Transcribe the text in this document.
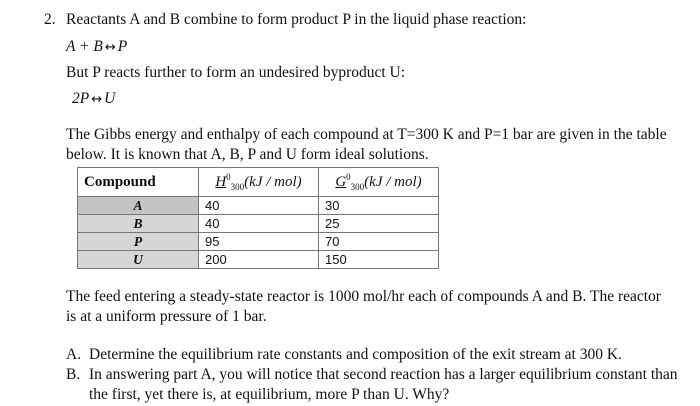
2. Reactants A and B combine to form product P in the liquid phase reaction:
A + B ↔ P
But P reacts further to form an undesired byproduct U:
2P ↔ U
The Gibbs energy and enthalpy of each compound at T=300 K and P=1 bar are given in the table
below. It is known that A, B, P and U form ideal solutions.
Compound	$H^0_{300}(kJ / mol)$	$G^0_{300}(kJ / mol)$
A	40	30
B	40	25
P	95	70
U	200	150
The feed entering a steady-state reactor is 1000 mol/hr each of compounds A and B. The reactor
is at a uniform pressure of 1 bar.
A. Determine the equilibrium rate constants and composition of the exit stream at 300 K.
B. In answering part A, you will notice that second reaction has a larger equilibrium constant than
the first, yet there is, at equilibrium, more P than U. Why?
